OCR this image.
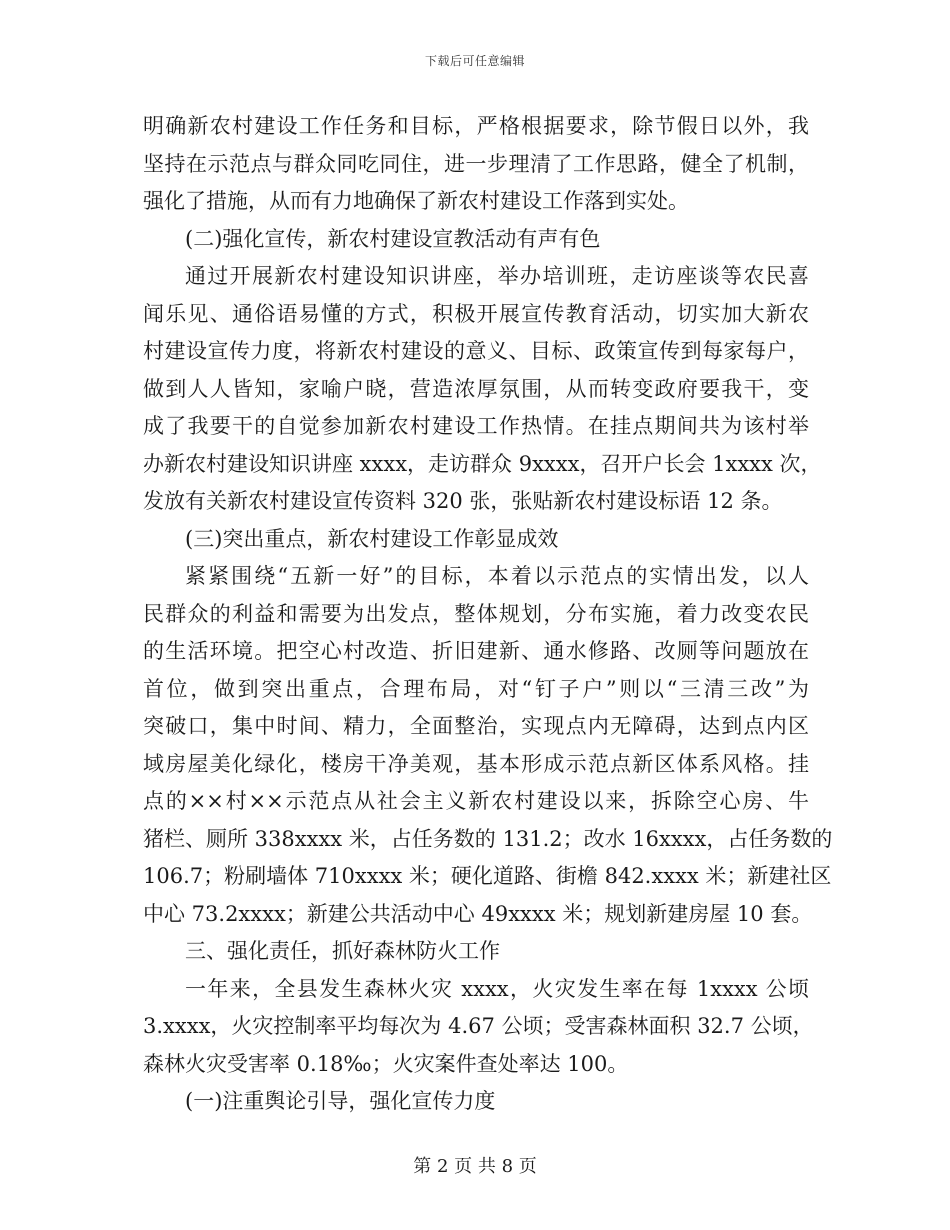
下载后可任意编辑
明确新农村建设工作任务和目标，严格根据要求，除节假日以外，我
坚持在示范点与群众同吃同住，进一步理清了工作思路，健全了机制，
强化了措施，从而有力地确保了新农村建设工作落到实处。
(二)强化宣传，新农村建设宣教活动有声有色
通过开展新农村建设知识讲座，举办培训班，走访座谈等农民喜
闻乐见、通俗语易懂的方式，积极开展宣传教育活动，切实加大新农
村建设宣传力度，将新农村建设的意义、目标、政策宣传到每家每户，
做到人人皆知，家喻户晓，营造浓厚氛围，从而转变政府要我干，变
成了我要干的自觉参加新农村建设工作热情。在挂点期间共为该村举
办新农村建设知识讲座 xxxx，走访群众 9xxxx，召开户长会 1xxxx 次，
发放有关新农村建设宣传资料 320 张，张贴新农村建设标语 12 条。
(三)突出重点，新农村建设工作彰显成效
紧紧围绕“五新一好”的目标，本着以示范点的实情出发，以人
民群众的利益和需要为出发点，整体规划，分布实施，着力改变农民
的生活环境。把空心村改造、折旧建新、通水修路、改厕等问题放在
首位，做到突出重点，合理布局，对“钉子户”则以“三清三改”为
突破口，集中时间、精力，全面整治，实现点内无障碍，达到点内区
域房屋美化绿化，楼房干净美观，基本形成示范点新区体系风格。挂
点的××村××示范点从社会主义新农村建设以来，拆除空心房、牛
猪栏、厕所 338xxxx 米，占任务数的 131.2；改水 16xxxx，占任务数的
106.7；粉刷墙体 710xxxx 米；硬化道路、街檐 842.xxxx 米；新建社区
中心 73.2xxxx；新建公共活动中心 49xxxx 米；规划新建房屋 10 套。
三、强化责任，抓好森林防火工作
一年来，全县发生森林火灾 xxxx，火灾发生率在每 1xxxx 公顷
3.xxxx，火灾控制率平均每次为 4.67 公顷；受害森林面积 32.7 公顷，
森林火灾受害率 0.18‰；火灾案件查处率达 100。
(一)注重舆论引导，强化宣传力度
第 2 页 共 8 页
